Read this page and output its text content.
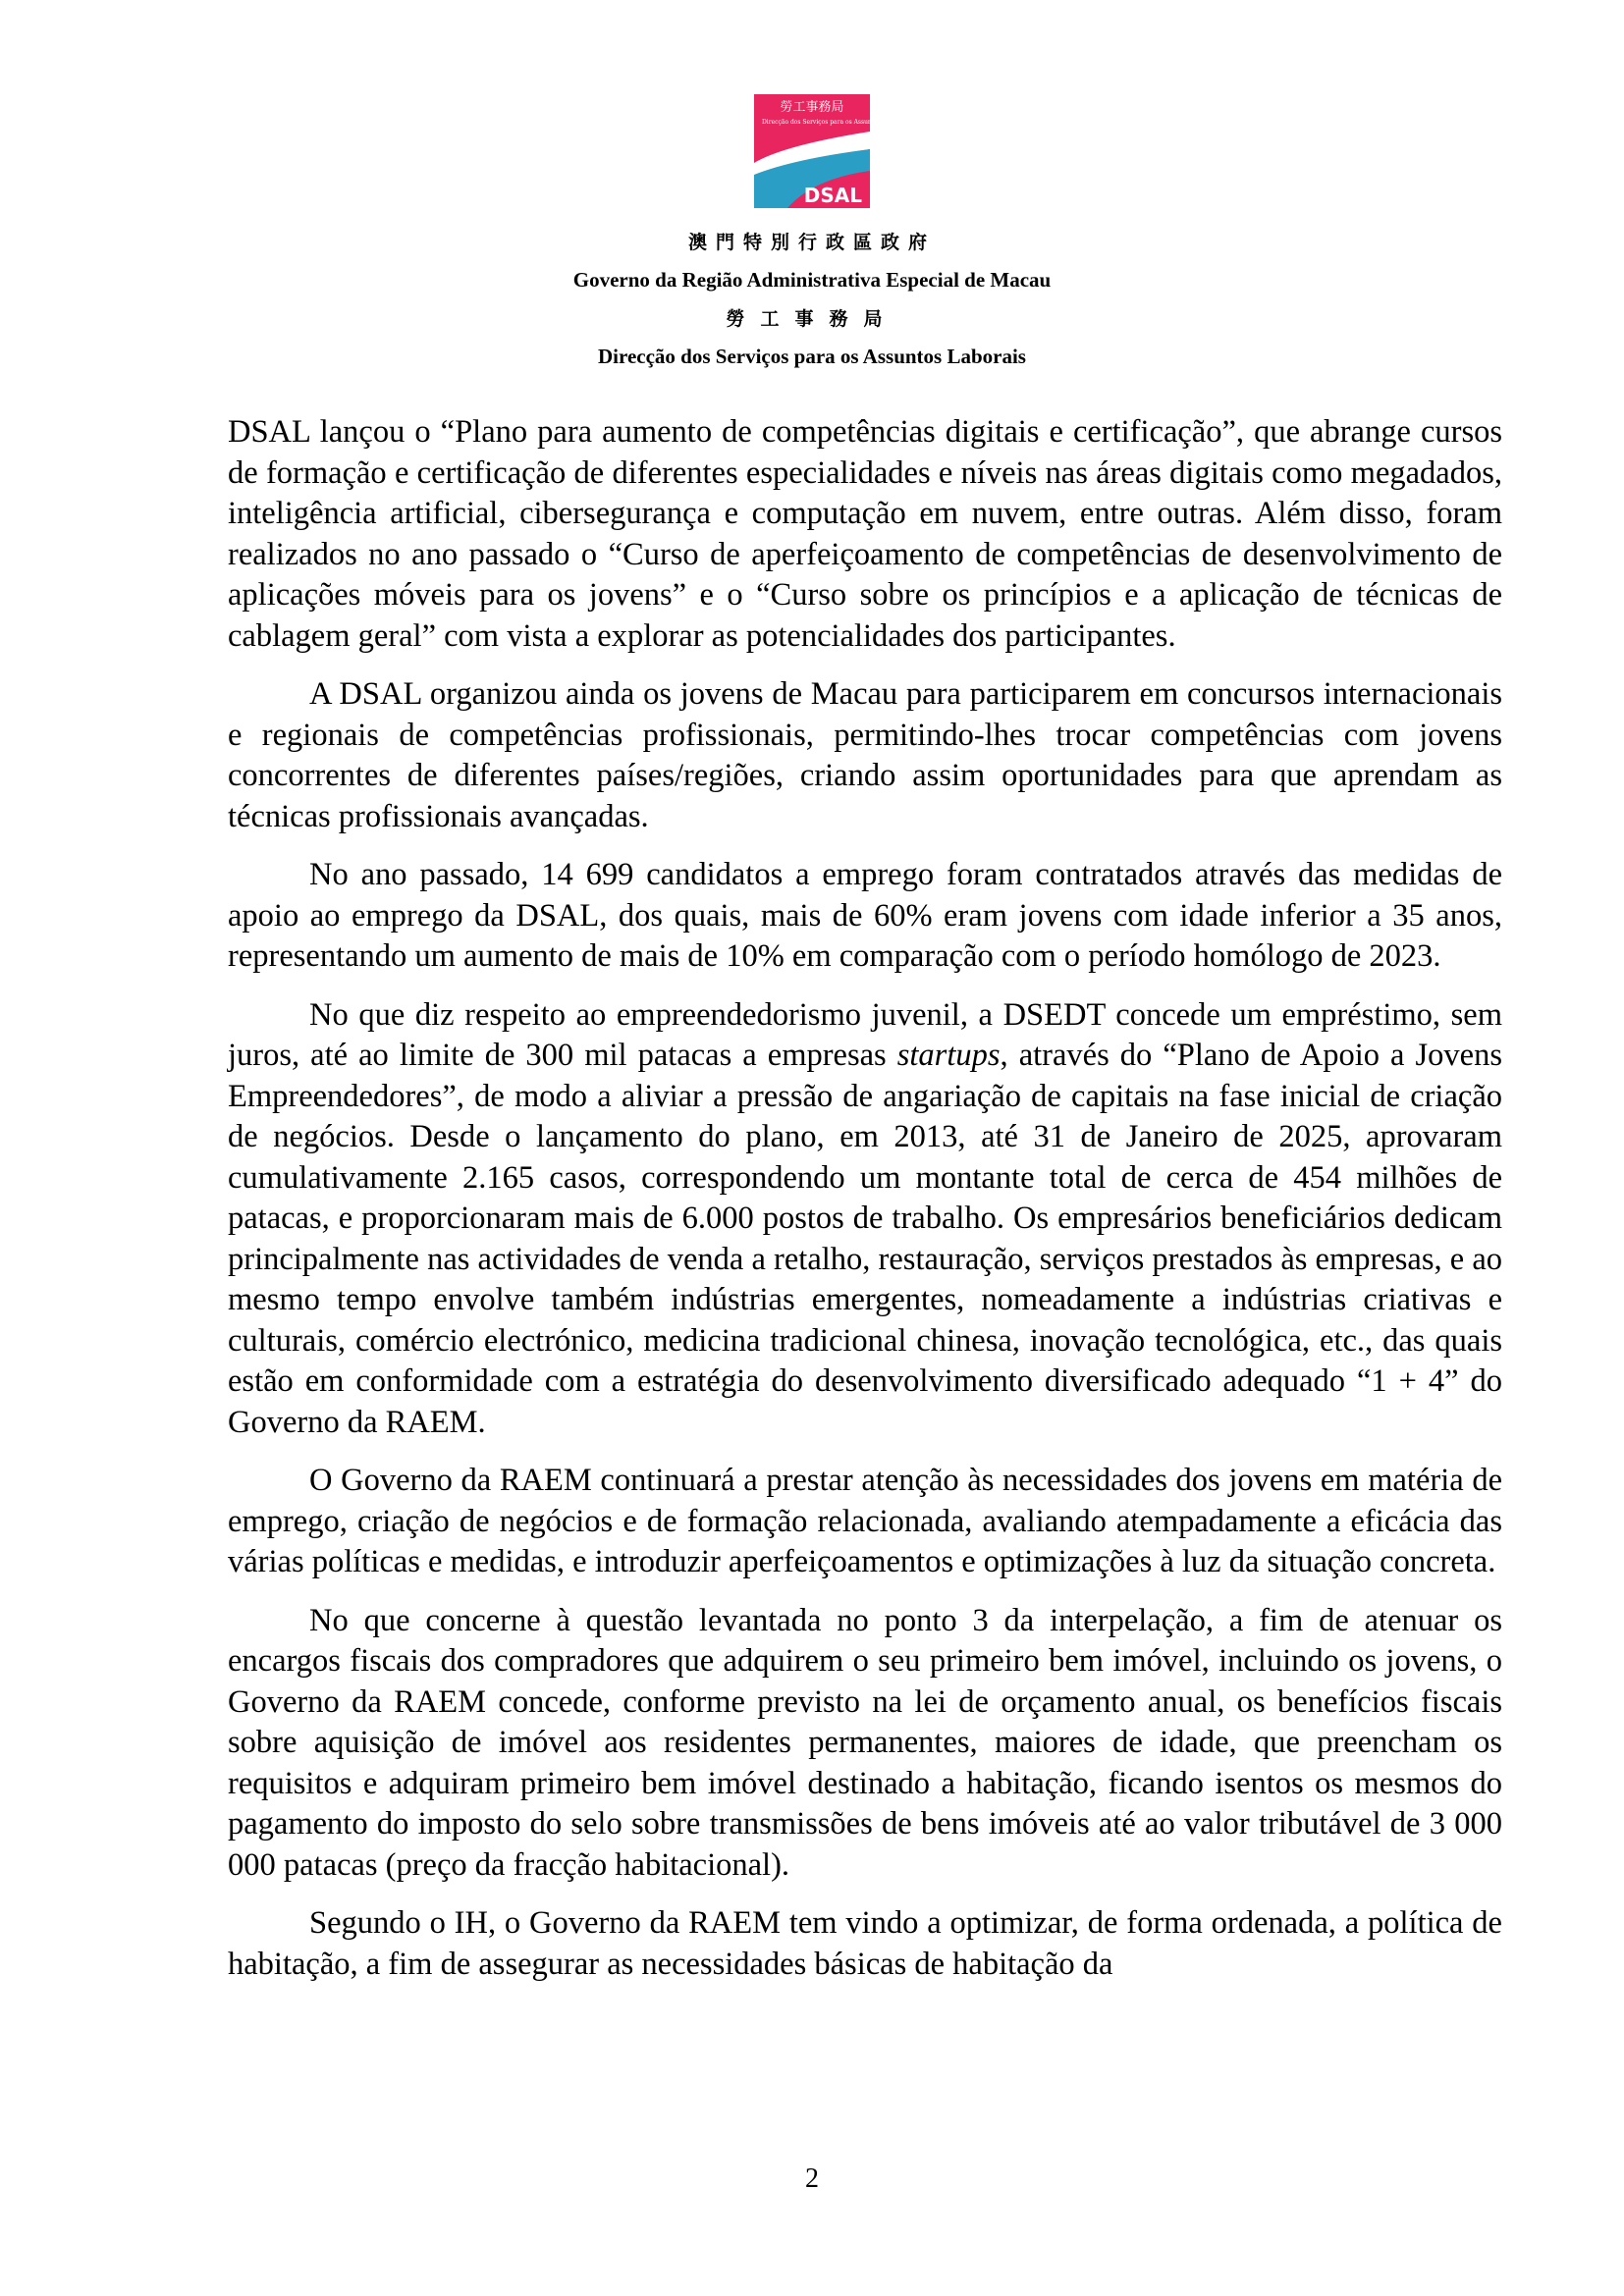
勞工事務局
Direcção dos Serviços para os Assuntos Laborais
DSAL
澳門特別行政區政府
Governo da Região Administrativa Especial de Macau
勞工事務局
Direcção dos Serviços para os Assuntos Laborais

DSAL lançou o “Plano para aumento de competências digitais e certificação”, que abrange cursos de formação e certificação de diferentes especialidades e níveis nas áreas digitais como megadados, inteligência artificial, cibersegurança e computação em nuvem, entre outras. Além disso, foram realizados no ano passado o “Curso de aperfeiçoamento de competências de desenvolvimento de aplicações móveis para os jovens” e o “Curso sobre os princípios e a aplicação de técnicas de cablagem geral” com vista a explorar as potencialidades dos participantes.

A DSAL organizou ainda os jovens de Macau para participarem em concursos internacionais e regionais de competências profissionais, permitindo-lhes trocar competências com jovens concorrentes de diferentes países/regiões, criando assim oportunidades para que aprendam as técnicas profissionais avançadas.

No ano passado, 14 699 candidatos a emprego foram contratados através das medidas de apoio ao emprego da DSAL, dos quais, mais de 60% eram jovens com idade inferior a 35 anos, representando um aumento de mais de 10% em comparação com o período homólogo de 2023.

No que diz respeito ao empreendedorismo juvenil, a DSEDT concede um empréstimo, sem juros, até ao limite de 300 mil patacas a empresas startups, através do “Plano de Apoio a Jovens Empreendedores”, de modo a aliviar a pressão de angariação de capitais na fase inicial de criação de negócios. Desde o lançamento do plano, em 2013, até 31 de Janeiro de 2025, aprovaram cumulativamente 2.165 casos, correspondendo um montante total de cerca de 454 milhões de patacas, e proporcionaram mais de 6.000 postos de trabalho. Os empresários beneficiários dedicam principalmente nas actividades de venda a retalho, restauração, serviços prestados às empresas, e ao mesmo tempo envolve também indústrias emergentes, nomeadamente a indústrias criativas e culturais, comércio electrónico, medicina tradicional chinesa, inovação tecnológica, etc., das quais estão em conformidade com a estratégia do desenvolvimento diversificado adequado “1 + 4” do Governo da RAEM.

O Governo da RAEM continuará a prestar atenção às necessidades dos jovens em matéria de emprego, criação de negócios e de formação relacionada, avaliando atempadamente a eficácia das várias políticas e medidas, e introduzir aperfeiçoamentos e optimizações à luz da situação concreta.

No que concerne à questão levantada no ponto 3 da interpelação, a fim de atenuar os encargos fiscais dos compradores que adquirem o seu primeiro bem imóvel, incluindo os jovens, o Governo da RAEM concede, conforme previsto na lei de orçamento anual, os benefícios fiscais sobre aquisição de imóvel aos residentes permanentes, maiores de idade, que preencham os requisitos e adquiram primeiro bem imóvel destinado a habitação, ficando isentos os mesmos do pagamento do imposto do selo sobre transmissões de bens imóveis até ao valor tributável de 3 000 000 patacas (preço da fracção habitacional).

Segundo o IH, o Governo da RAEM tem vindo a optimizar, de forma ordenada, a política de habitação, a fim de assegurar as necessidades básicas de habitação da

2
